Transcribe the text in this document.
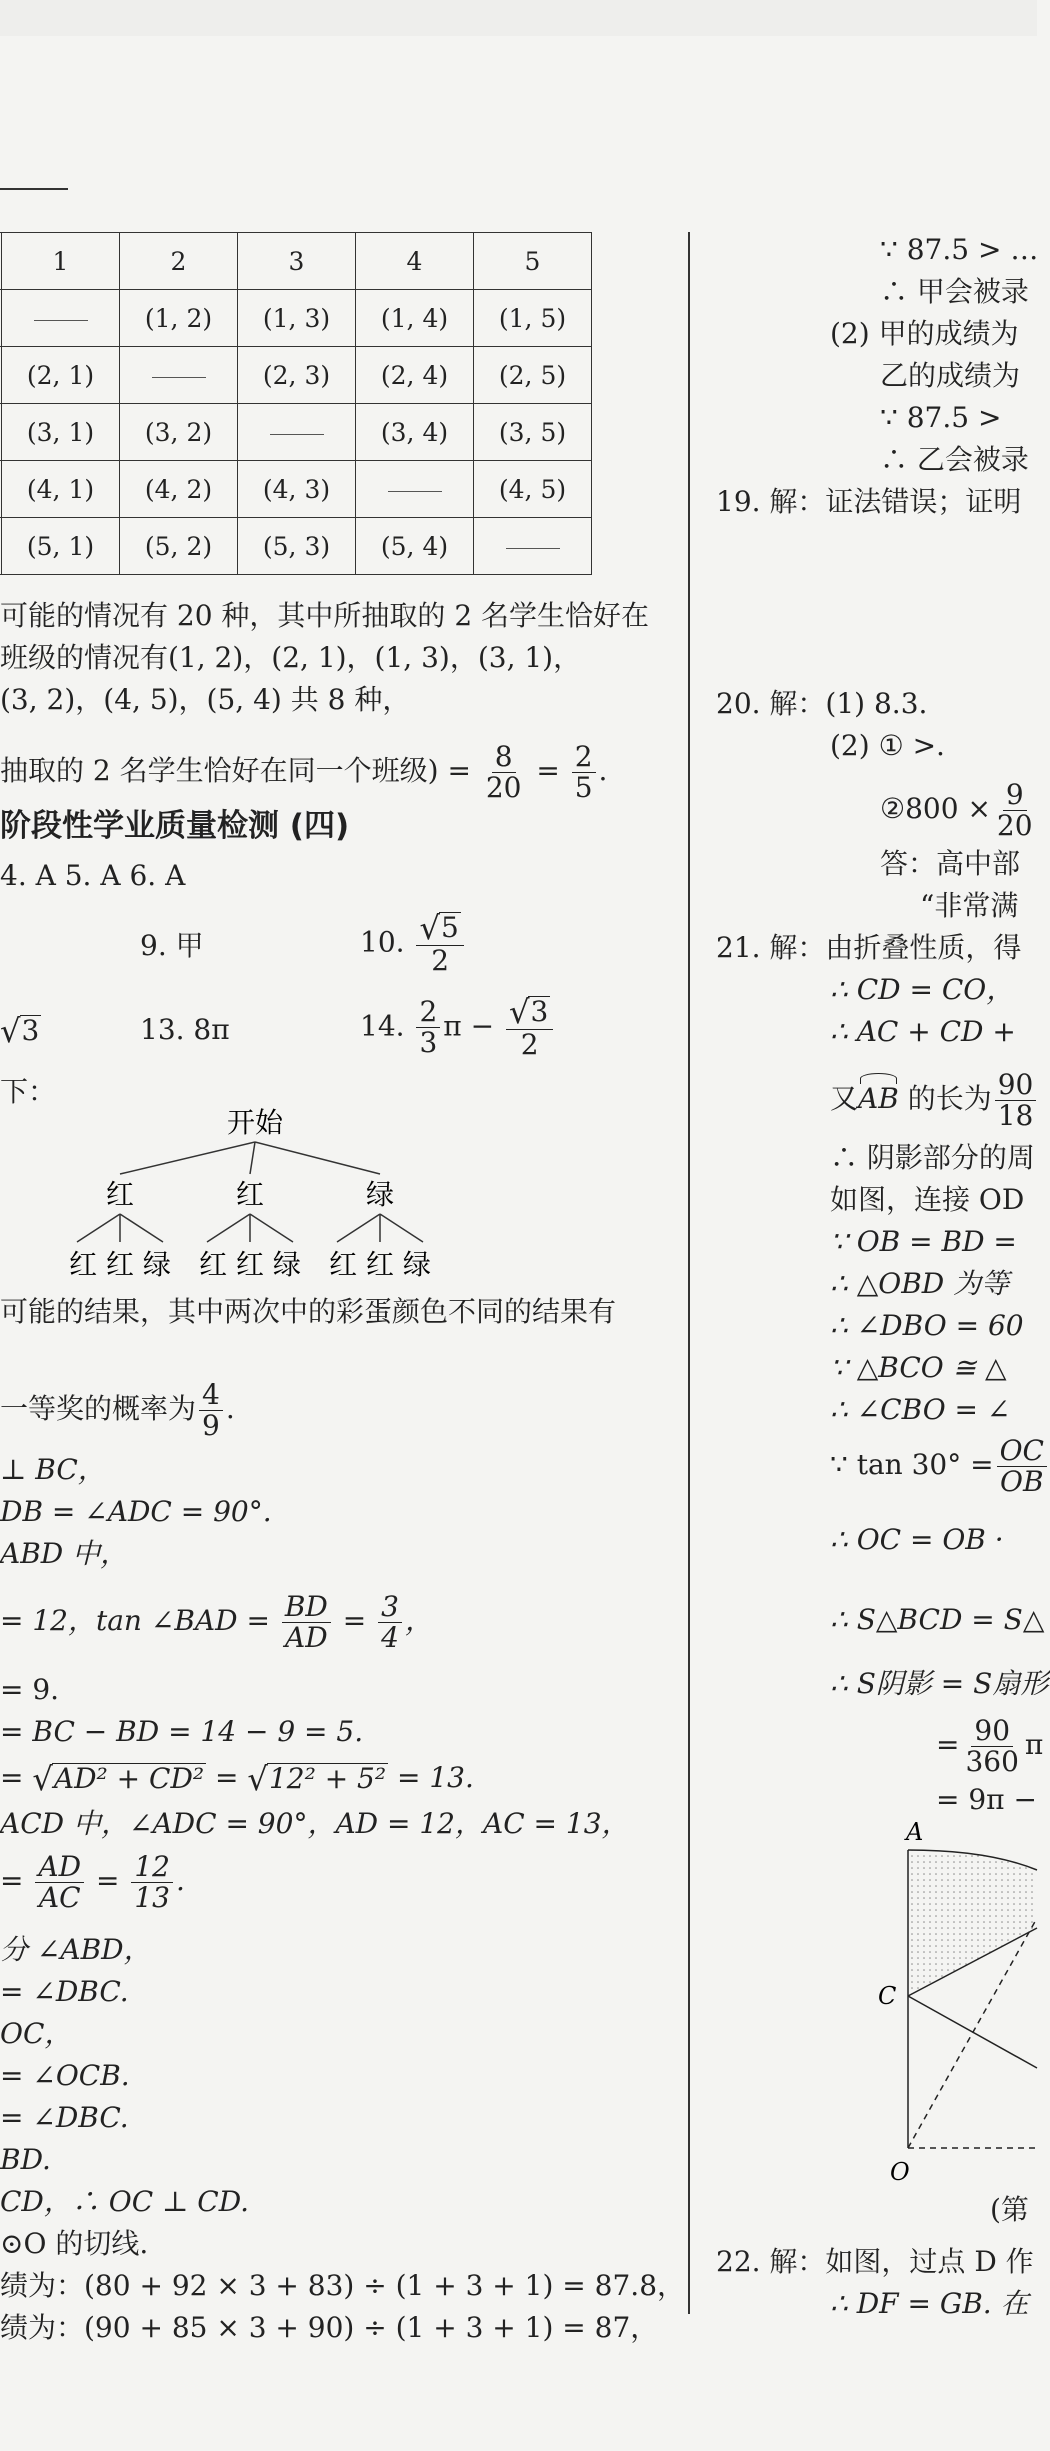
	1	2	3	4	5
		(1, 2)	(1, 3)	(1, 4)	(1, 5)
	(2, 1)		(2, 3)	(2, 4)	(2, 5)
	(3, 1)	(3, 2)		(3, 4)	(3, 5)
	(4, 1)	(4, 2)	(4, 3)		(4, 5)
	(5, 1)	(5, 2)	(5, 3)	(5, 4)	
可能的情况有 20 种，其中所抽取的 2 名学生恰好在
班级的情况有(1, 2)，(2, 1)，(1, 3)，(3, 1)，
(3, 2)，(4, 5)，(5, 4) 共 8 种，
抽取的 2 名学生恰好在同一个班级) = $\frac{8}{20} = \frac{2}{5}$ .
阶段性学业质量检测 (四)
4. A 5. A 6. A
9. 甲	10. $\frac{√ 5}{2}$
√ 3	13. 8π	14. $\frac{2}{3}$ $\pi - \frac{√ 3}{2}$
下：
开始
红	红	绿
红 红 绿 红 红 绿 红 红 绿
可能的结果，其中两次中的彩蛋颜色不同的结果有
一等奖的概率为 $\frac{4}{9}$ .
⊥ BC，
DB = ∠ADC = 90°.
ABD 中，
= 12，tan ∠BAD = $\frac{BD}{AD} = \frac{3}{4}$ ，
= 9.
= BC − BD = 14 − 9 = 5.
= √ AD² + CD² = √ 12² + 5² = 13.
ACD 中，∠ADC = 90°，AD = 12，AC = 13，
= $\frac{AD}{AC} = \frac{12}{13}$ .
分 ∠ABD，
= ∠DBC.
OC，
= ∠OCB.
= ∠DBC.
BD.
CD，∴ OC ⊥ CD.
⊙O 的切线.
绩为：(80 + 92 × 3 + 83) ÷ (1 + 3 + 1) = 87.8，
绩为：(90 + 85 × 3 + 90) ÷ (1 + 3 + 1) = 87，
∵ 87.5 > …
∴ 甲会被录
(2) 甲的成绩为
乙的成绩为
∵ 87.5 >
∴ 乙会被录
19. 解：证法错误；证明
20. 解：(1) 8.3.
(2) ① >.
②800 × $\frac{9}{20}$
答：高中部
“非常满
21. 解：由折叠性质，得
∴ CD = CO，
∴ AC + CD +
又AB 的长为 $\frac{90}{18}$
∴ 阴影部分的周
如图，连接 OD
∵ OB = BD =
∴ △OBD 为等
∴ ∠DBO = 60
∵ △BCO ≅ △
∴ ∠CBO = ∠
∵ $\tan 30^\circ = \frac{OC}{OB}$
∴ OC = OB ·
∴ S△BCD = S△
∴ S阴影 = S扇形
= $\frac{90}{360}$ π
= 9π −
A
C
O
(第
22. 解：如图，过点 D 作
∴ DF = GB. 在
